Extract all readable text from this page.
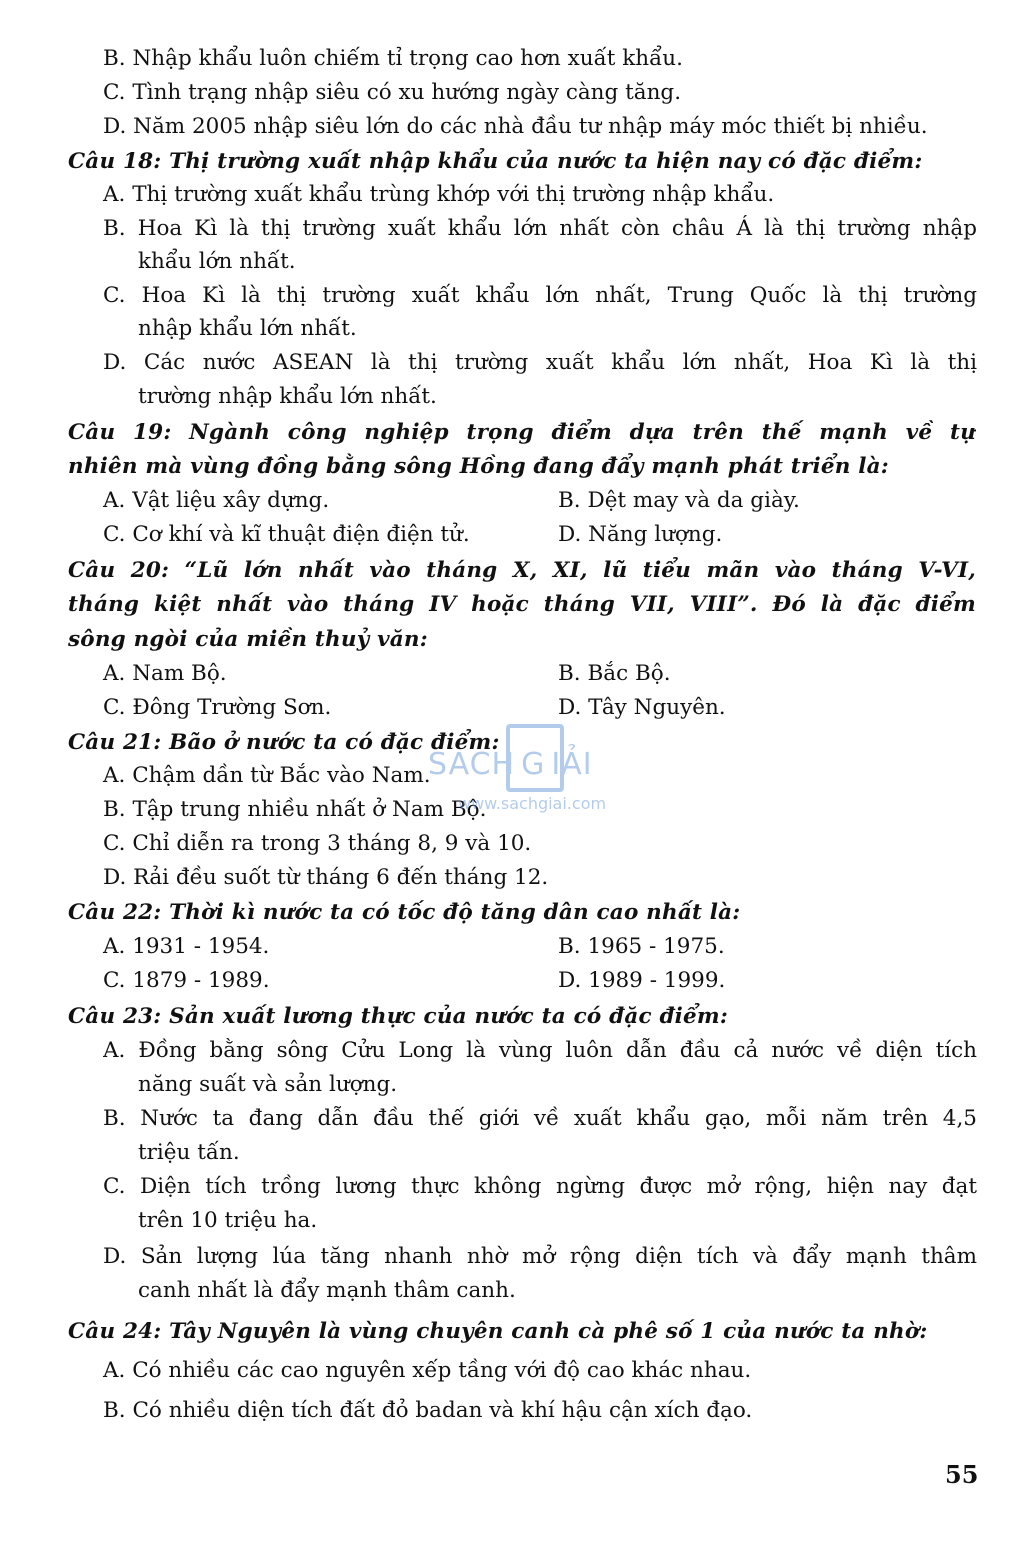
B. Nhập khẩu luôn chiếm tỉ trọng cao hơn xuất khẩu.
C. Tình trạng nhập siêu có xu hướng ngày càng tăng.
D. Năm 2005 nhập siêu lớn do các nhà đầu tư nhập máy móc thiết bị nhiều.
Câu 18: Thị trường xuất nhập khẩu của nước ta hiện nay có đặc điểm:
A. Thị trường xuất khẩu trùng khớp với thị trường nhập khẩu.
B. Hoa Kì là thị trường xuất khẩu lớn nhất còn châu Á là thị trường nhập
khẩu lớn nhất.
C. Hoa Kì là thị trường xuất khẩu lớn nhất, Trung Quốc là thị trường
nhập khẩu lớn nhất.
D. Các nước ASEAN là thị trường xuất khẩu lớn nhất, Hoa Kì là thị
trường nhập khẩu lớn nhất.
Câu 19: Ngành công nghiệp trọng điểm dựa trên thế mạnh về tự
nhiên mà vùng đồng bằng sông Hồng đang đẩy mạnh phát triển là:
A. Vật liệu xây dựng.	B. Dệt may và da giày.
C. Cơ khí và kĩ thuật điện điện tử.	D. Năng lượng.
Câu 20: “Lũ lớn nhất vào tháng X, XI, lũ tiểu mãn vào tháng V-VI,
tháng kiệt nhất vào tháng IV hoặc tháng VII, VIII”. Đó là đặc điểm
sông ngòi của miền thuỷ văn:
A. Nam Bộ.	B. Bắc Bộ.
C. Đông Trường Sơn.	D. Tây Nguyên.
Câu 21: Bão ở nước ta có đặc điểm:
A. Chậm dần từ Bắc vào Nam.
B. Tập trung nhiều nhất ở Nam Bộ.
C. Chỉ diễn ra trong 3 tháng 8, 9 và 10.
D. Rải đều suốt từ tháng 6 đến tháng 12.
Câu 22: Thời kì nước ta có tốc độ tăng dân cao nhất là:
A. 1931 - 1954.	B. 1965 - 1975.
C. 1879 - 1989.	D. 1989 - 1999.
Câu 23: Sản xuất lương thực của nước ta có đặc điểm:
A. Đồng bằng sông Cửu Long là vùng luôn dẫn đầu cả nước về diện tích
năng suất và sản lượng.
B. Nước ta đang dẫn đầu thế giới về xuất khẩu gạo, mỗi năm trên 4,5
triệu tấn.
C. Diện tích trồng lương thực không ngừng được mở rộng, hiện nay đạt
trên 10 triệu ha.
D. Sản lượng lúa tăng nhanh nhờ mở rộng diện tích và đẩy mạnh thâm
canh nhất là đẩy mạnh thâm canh.
Câu 24: Tây Nguyên là vùng chuyên canh cà phê số 1 của nước ta nhờ:
A. Có nhiều các cao nguyên xếp tầng với độ cao khác nhau.
B. Có nhiều diện tích đất đỏ badan và khí hậu cận xích đạo.
55
SACH G IẢI
www.sachgiai.com
